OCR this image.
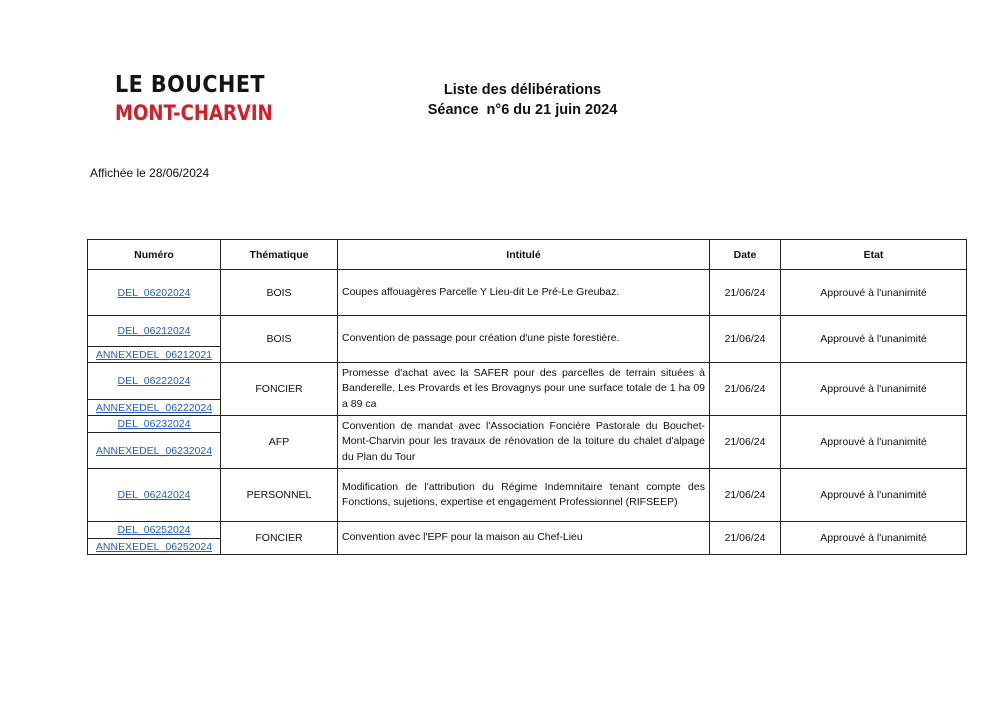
LE BOUCHET
MONT-CHARVIN
Liste des délibérations
Séance  n°6 du 21 juin 2024
Affichée le 28/06/2024
Numéro	Thématique	Intitulé	Date	Etat
DEL_06202024	BOIS	Coupes affouagères Parcelle Y Lieu-dit Le Pré-Le Greubaz.	21/06/24	Approuvé à l'unanimité
DEL_06212024	BOIS	Convention de passage pour création d'une piste forestière.	21/06/24	Approuvé à l'unanimité
ANNEXEDEL_06212021				
DEL_06222024	FONCIER	Promesse d'achat avec la SAFER pour des parcelles de terrain situées à Banderelle, Les Provards et les Brovagnys pour une surface totale de 1 ha 09 a 89 ca	21/06/24	Approuvé à l'unanimité
ANNEXEDEL_06222024				
DEL_06232024	AFP	Convention de mandat avec l'Association Foncière Pastorale du Bouchet-Mont-Charvin pour les travaux de rénovation de la toiture du chalet d'alpage du Plan du Tour	21/06/24	Approuvé à l'unanimité
ANNEXEDEL_06232024				
DEL_06242024	PERSONNEL	Modification de l'attribution du Régime Indemnitaire tenant compte des Fonctions, sujetions, expertise et engagement Professionnel (RIFSEEP)	21/06/24	Approuvé à l'unanimité
DEL_06252024	FONCIER	Convention avec l'EPF pour la maison au Chef-Lieu	21/06/24	Approuvé à l'unanimité
ANNEXEDEL_06252024				
